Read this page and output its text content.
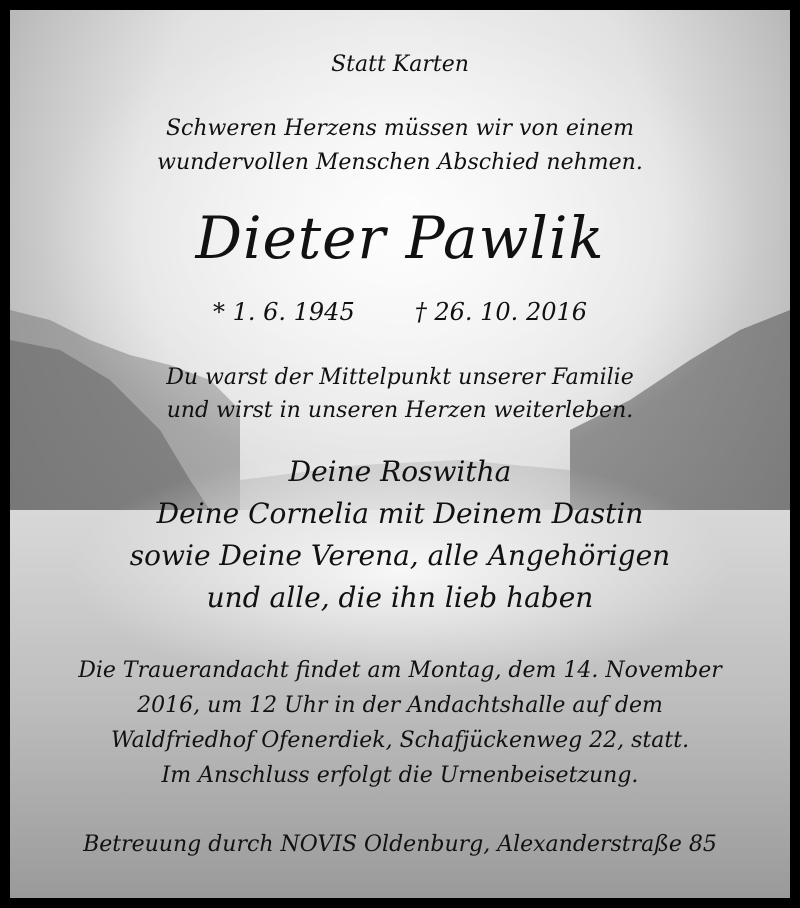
Statt Karten
Schweren Herzens müssen wir von einem
wundervollen Menschen Abschied nehmen.
Dieter Pawlik
* 1. 6. 1945	† 26. 10. 2016
Du warst der Mittelpunkt unserer Familie
und wirst in unseren Herzen weiterleben.
Deine Roswitha
Deine Cornelia mit Deinem Dastin
sowie Deine Verena, alle Angehörigen
und alle, die ihn lieb haben
Die Trauerandacht findet am Montag, dem 14. November
2016, um 12 Uhr in der Andachtshalle auf dem
Waldfriedhof Ofenerdiek, Schafjückenweg 22, statt.
Im Anschluss erfolgt die Urnenbeisetzung.
Betreuung durch NOVIS Oldenburg, Alexanderstraße 85
